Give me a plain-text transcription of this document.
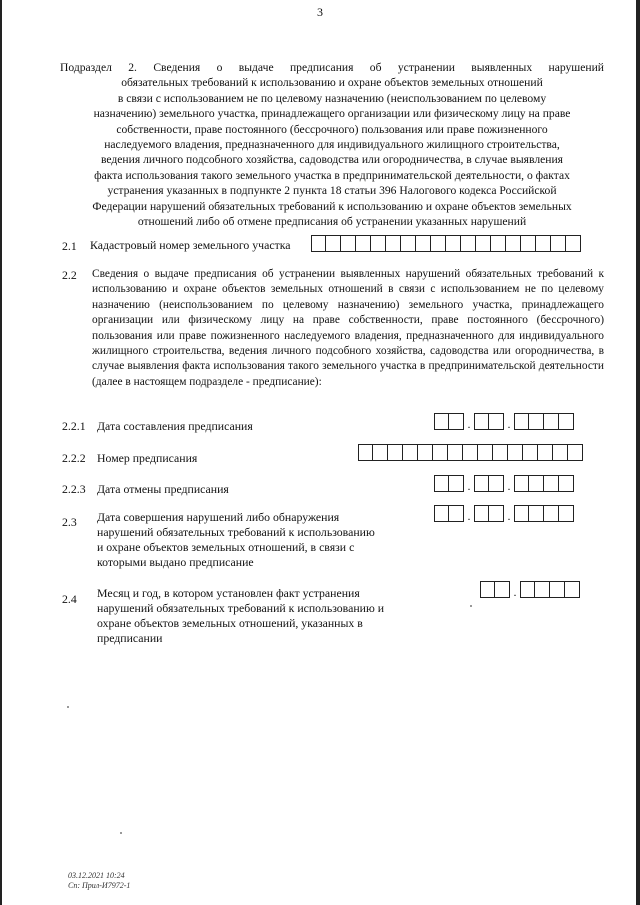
3
Подраздел 2. Сведения о выдаче предписания об устранении выявленных нарушений
обязательных требований к использованию и охране объектов земельных отношений
в связи с использованием не по целевому назначению (неиспользованием по целевому
назначению) земельного участка, принадлежащего организации или физическому лицу на праве
собственности, праве постоянного (бессрочного) пользования или праве пожизненного
наследуемого владения, предназначенного для индивидуального жилищного строительства,
ведения личного подсобного хозяйства, садоводства или огородничества, в случае выявления
факта использования такого земельного участка в предпринимательской деятельности, о фактах
устранения указанных в подпункте 2 пункта 18 статьи 396 Налогового кодекса Российской
Федерации нарушений обязательных требований к использованию и охране объектов земельных
отношений либо об отмене предписания об устранении указанных нарушений
2.1 Кадастровый номер земельного участка
2.2 Сведения о выдаче предписания об устранении выявленных нарушений обязательных требований к использованию и охране объектов земельных отношений в связи с использованием не по целевому назначению (неиспользованием по целевому назначению) земельного участка, принадлежащего организации или физическому лицу на праве собственности, праве постоянного (бессрочного) пользования или праве пожизненного наследуемого владения, предназначенного для индивидуального жилищного строительства, ведения личного подсобного хозяйства, садоводства или огородничества, в случае выявления факта использования такого земельного участка в предпринимательской деятельности (далее в настоящем подразделе - предписание):
2.2.1 Дата составления предписания	.	.
2.2.2 Номер предписания
2.2.3 Дата отмены предписания	.	.
2.3 Дата совершения нарушений либо обнаружения
нарушений обязательных требований к использованию
и охране объектов земельных отношений, в связи с
которыми выдано предписание
.	.
2.4 Месяц и год, в котором установлен факт устранения
нарушений обязательных требований к использованию и
охране объектов земельных отношений, указанных в
предписании
.
03.12.2021 10:24
Сп: Прил-И7972-1
